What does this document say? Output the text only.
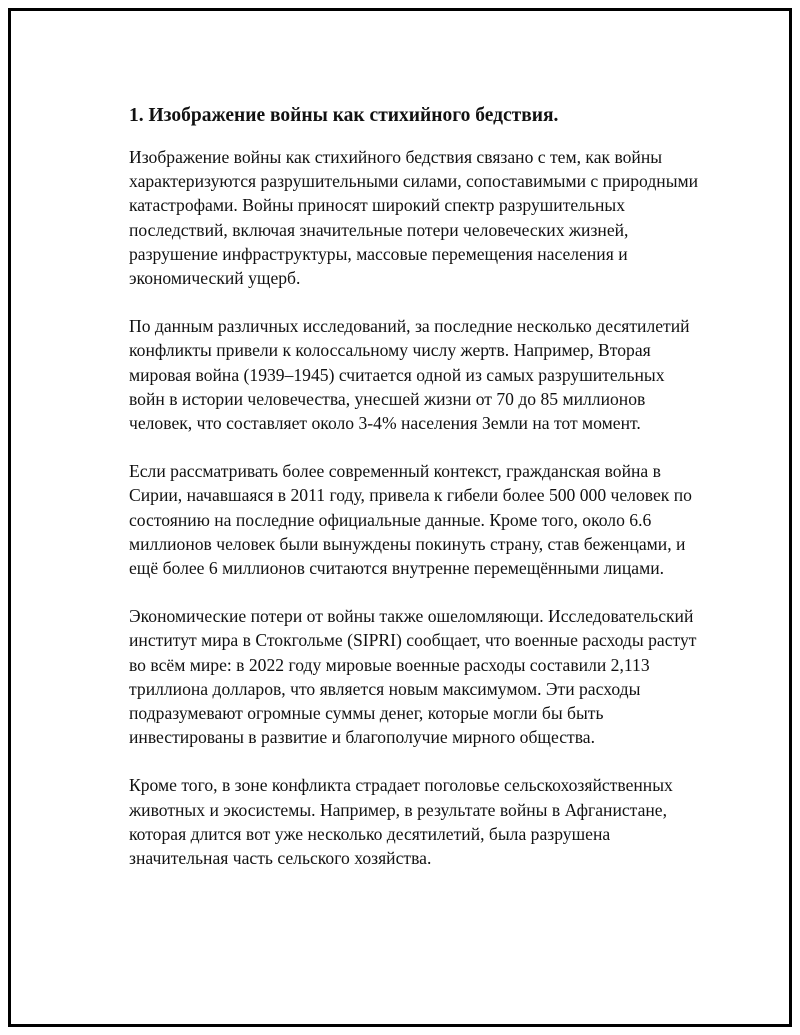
1. Изображение войны как стихийного бедствия.

Изображение войны как стихийного бедствия связано с тем, как войны характеризуются разрушительными силами, сопоставимыми с природными катастрофами. Войны приносят широкий спектр разрушительных последствий, включая значительные потери человеческих жизней, разрушение инфраструктуры, массовые перемещения населения и экономический ущерб.

По данным различных исследований, за последние несколько десятилетий конфликты привели к колоссальному числу жертв. Например, Вторая мировая война (1939–1945) считается одной из самых разрушительных войн в истории человечества, унесшей жизни от 70 до 85 миллионов человек, что составляет около 3-4% населения Земли на тот момент.

Если рассматривать более современный контекст, гражданская война в Сирии, начавшаяся в 2011 году, привела к гибели более 500 000 человек по состоянию на последние официальные данные. Кроме того, около 6.6 миллионов человек были вынуждены покинуть страну, став беженцами, и ещё более 6 миллионов считаются внутренне перемещёнными лицами.

Экономические потери от войны также ошеломляющи. Исследовательский институт мира в Стокгольме (SIPRI) сообщает, что военные расходы растут во всём мире: в 2022 году мировые военные расходы составили 2,113 триллиона долларов, что является новым максимумом. Эти расходы подразумевают огромные суммы денег, которые могли бы быть инвестированы в развитие и благополучие мирного общества.

Кроме того, в зоне конфликта страдает поголовье сельскохозяйственных животных и экосистемы. Например, в результате войны в Афганистане, которая длится вот уже несколько десятилетий, была разрушена значительная часть сельского хозяйства.
